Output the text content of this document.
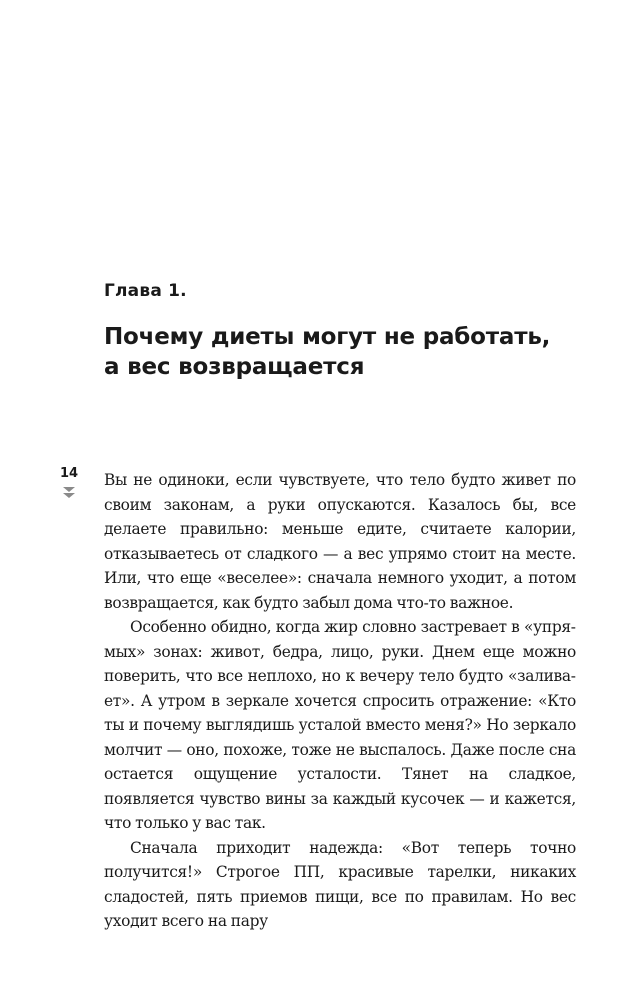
Глава 1.
Почему диеты могут не работать,
а вес возвращается
14 Вы не одиноки, если чувствуете, что тело будто живет по своим законам, а руки опускаются. Казалось бы, все делаете правильно: меньше едите, считаете калории, отказываетесь от сладкого — а вес упрямо стоит на месте. Или, что еще «веселее»: сначала немного уходит, а потом возвращается, как будто забыл дома что-то важное.

Особенно обидно, когда жир словно застревает в «упрямых» зонах: живот, бедра, лицо, руки. Днем еще можно поверить, что все неплохо, но к вечеру тело будто «заливает». А утром в зеркале хочется спросить отражение: «Кто ты и почему выглядишь усталой вместо меня?» Но зеркало молчит — оно, похоже, тоже не выспалось. Даже после сна остается ощущение усталости. Тянет на сладкое, появляется чувство вины за каждый кусочек — и кажется, что только у вас так.

Сначала приходит надежда: «Вот теперь точно получится!» Строгое ПП, красивые тарелки, никаких сладостей, пять приемов пищи, все по правилам. Но вес уходит всего на пару
